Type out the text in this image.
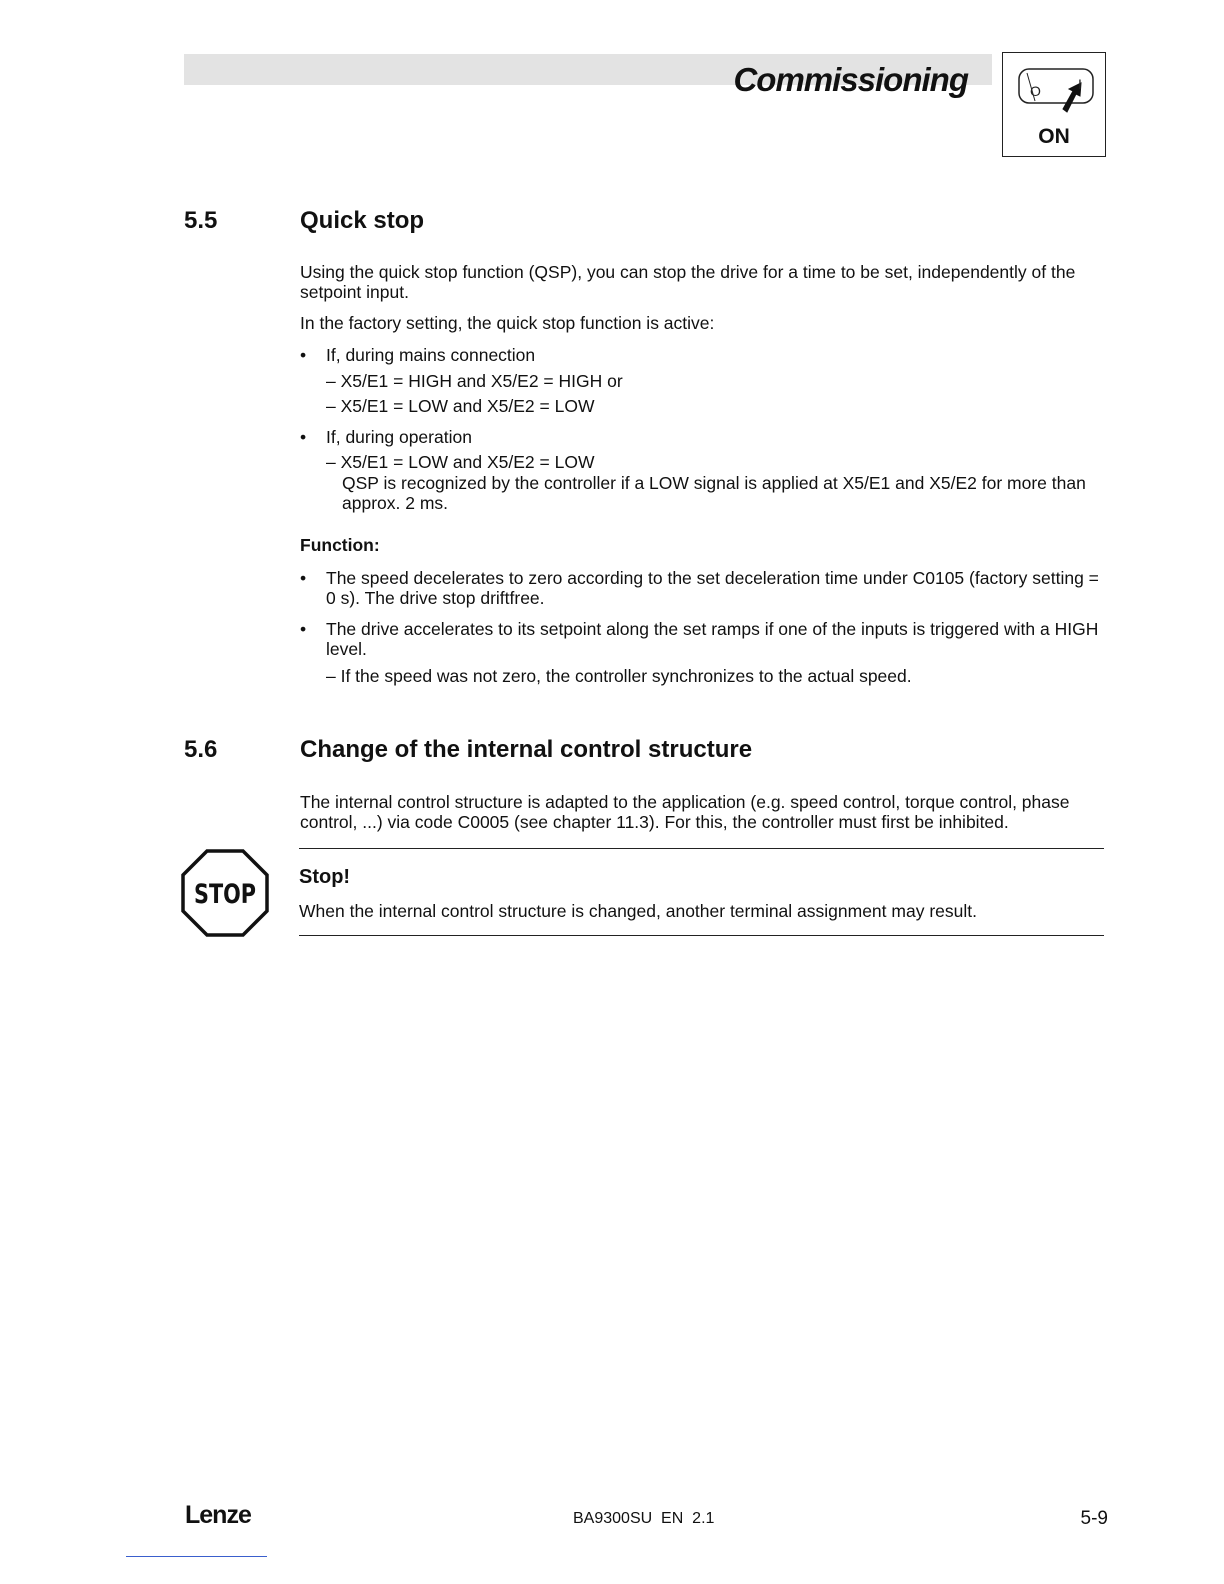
Commissioning	O	I
ON
5.5	Quick stop
Using the quick stop function (QSP), you can stop the drive for a time to be set, independently of the setpoint input.
In the factory setting, the quick stop function is active:
• If, during mains connection
– X5/E1 = HIGH and X5/E2 = HIGH or
– X5/E1 = LOW and X5/E2 = LOW
• If, during operation
– X5/E1 = LOW and X5/E2 = LOW
QSP is recognized by the controller if a LOW signal is applied at X5/E1 and X5/E2 for more than approx. 2 ms.
Function:
• The speed decelerates to zero according to the set deceleration time under C0105 (factory setting = 0 s). The drive stop driftfree.
• The drive accelerates to its setpoint along the set ramps if one of the inputs is triggered with a HIGH level.
– If the speed was not zero, the controller synchronizes to the actual speed.
5.6	Change of the internal control structure
The internal control structure is adapted to the application (e.g. speed control, torque control, phase control, ...) via code C0005 (see chapter 11.3). For this, the controller must first be inhibited.
STOP
Stop!
When the internal control structure is changed, another terminal assignment may result.
Lenze	BA9300SU  EN  2.1	5-9
